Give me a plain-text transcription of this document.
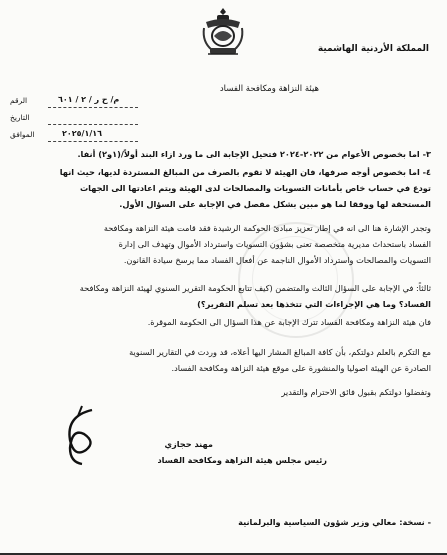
المملكة الأردنية الهاشمية
هيئة النزاهة ومكافحة الفساد
الرقم	م/ ح ر / ٢ / ٦٠١
التاريخ
الموافق	٢٠٢٥/١/١٦
٣- اما بخصوص الأعوام من ٢٠٢٢-٢٠٢٤ فتحيل الإجابة الى ما ورد ازاء البند أولاً/(١و٢) أنفا.
٤- اما بخصوص أوجه صرفها، فان الهيئة لا تقوم بالصرف من المبالغ المستردة لديها، حيث انها
تودع في حساب خاص بأمانات التسويات والمصالحات لدى الهيئة ويتم اعادتها الى الجهات
المستحقة لها ووفقا لما هو مبين بشكل مفصل في الإجابة على السؤال الأول.
وتجدر الإشارة هنا الى انه في إطار تعزيز مبادئ الحوكمة الرشيدة فقد قامت هيئة النزاهة ومكافحة
الفساد باستحداث مديرية متخصصة تعنى بشؤون التسويات واسترداد الأموال وتهدف الى إدارة
التسويات والمصالحات واسترداد الأموال الناجمة عن أفعال الفساد مما يرسخ سيادة القانون.
ثالثاً: في الإجابة على السؤال الثالث والمتضمن (كيف تتابع الحكومة التقرير السنوي لهيئة النزاهة ومكافحة
الفساد؟ وما هي الإجراءات التي تتخذها بعد تسلم التقرير؟)
فان هيئة النزاهة ومكافحة الفساد تترك الإجابة عن هذا السؤال الى الحكومة الموقرة.
مع التكرم بالعلم دولتكم، بأن كافة المبالغ المشار اليها أعلاه، قد وردت في التقارير السنوية
الصادرة عن الهيئة اصوليا والمنشورة على موقع هيئة النزاهة ومكافحة الفساد.
وتفضلوا دولتكم بقبول فائق الاحترام والتقدير
مهند حجازي
رئيس مجلس هيئة النزاهة ومكافحة الفساد
- نسخة: معالي وزير شؤون السياسية والبرلمانية
